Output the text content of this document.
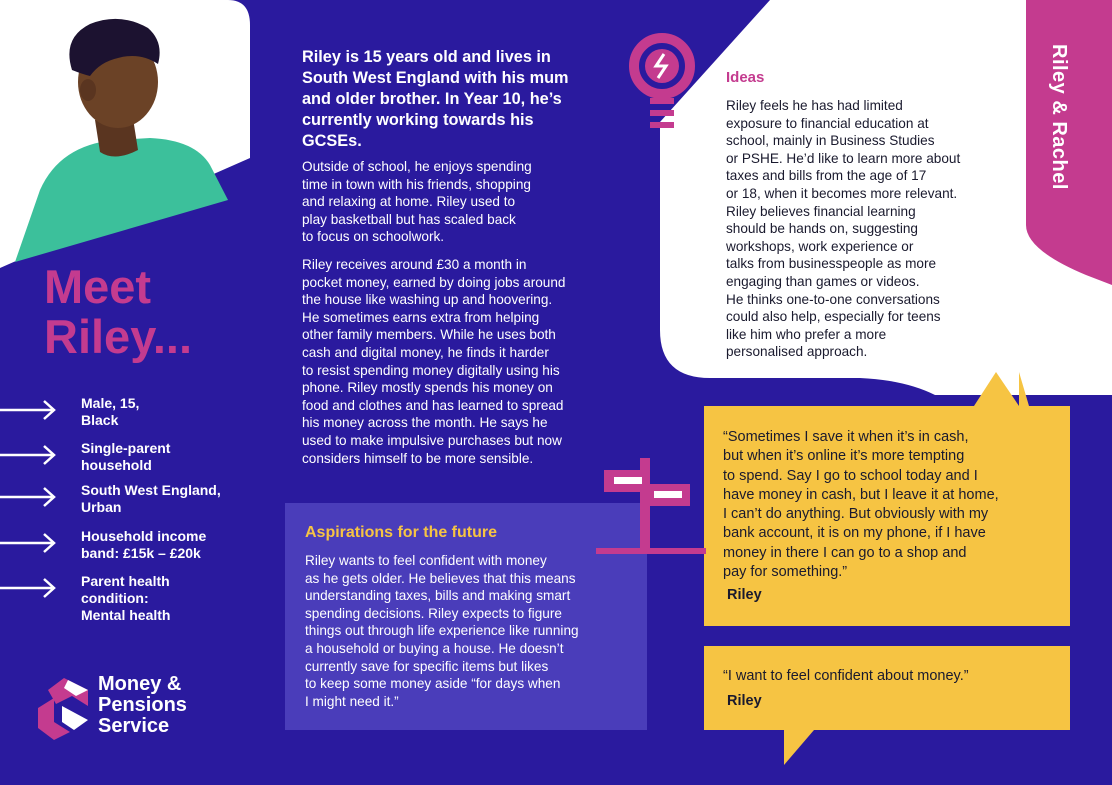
Meet
Riley...

Male, 15,
Black
Single-parent
household
South West England,
Urban
Household income
band: £15k – £20k
Parent health
condition:
Mental health

Money &
Pensions
Service

Riley is 15 years old and lives in South West England with his mum and older brother. In Year 10, he’s currently working towards his GCSEs.

Outside of school, he enjoys spending
time in town with his friends, shopping
and relaxing at home. Riley used to
play basketball but has scaled back
to focus on schoolwork.

Riley receives around £30 a month in
pocket money, earned by doing jobs around
the house like washing up and hoovering.
He sometimes earns extra from helping
other family members. While he uses both
cash and digital money, he finds it harder
to resist spending money digitally using his
phone. Riley mostly spends his money on
food and clothes and has learned to spread
his money across the month. He says he
used to make impulsive purchases but now
considers himself to be more sensible.

Aspirations for the future

Riley wants to feel confident with money
as he gets older. He believes that this means
understanding taxes, bills and making smart
spending decisions. Riley expects to figure
things out through life experience like running
a household or buying a house. He doesn’t
currently save for specific items but likes
to keep some money aside “for days when
I might need it.”

Ideas

Riley feels he has had limited
exposure to financial education at
school, mainly in Business Studies
or PSHE. He’d like to learn more about
taxes and bills from the age of 17
or 18, when it becomes more relevant.
Riley believes financial learning
should be hands on, suggesting
workshops, work experience or
talks from businesspeople as more
engaging than games or videos.
He thinks one-to-one conversations
could also help, especially for teens
like him who prefer a more
personalised approach.

Riley & Rachel

“Sometimes I save it when it’s in cash,
but when it’s online it’s more tempting
to spend. Say I go to school today and I
have money in cash, but I leave it at home,
I can’t do anything. But obviously with my
bank account, it is on my phone, if I have
money in there I can go to a shop and
pay for something.”

Riley

“I want to feel confident about money.”

Riley
